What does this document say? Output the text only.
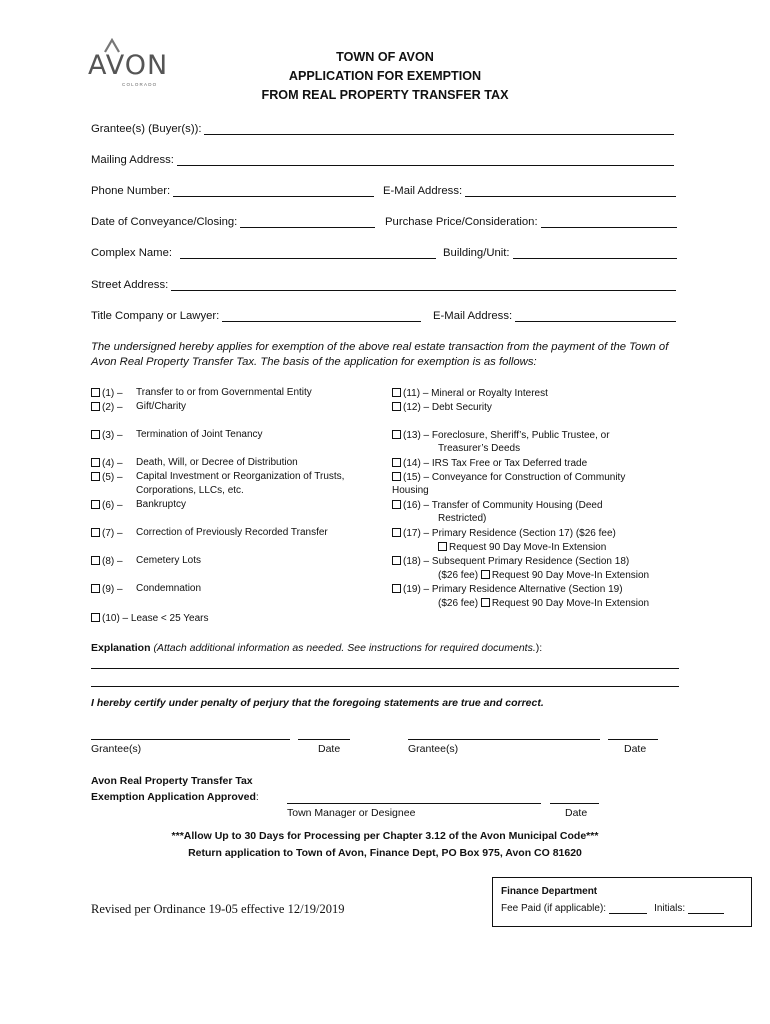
AVON
COLORADO
TOWN OF AVON
APPLICATION FOR EXEMPTION
FROM REAL PROPERTY TRANSFER TAX
Grantee(s) (Buyer(s)):
Mailing Address:
Phone Number:	E-Mail Address:
Date of Conveyance/Closing:	Purchase Price/Consideration:
Complex Name:	Building/Unit:
Street Address:
Title Company or Lawyer:	E-Mail Address:
The undersigned hereby applies for exemption of the above real estate transaction from the payment of the Town of Avon Real Property Transfer Tax. The basis of the application for exemption is as follows:
(1) – Transfer to or from Governmental Entity
(2) – Gift/Charity
(3) – Termination of Joint Tenancy
(4) – Death, Will, or Decree of Distribution
(5) – Capital Investment or Reorganization of Trusts,
Corporations, LLCs, etc.
(6) – Bankruptcy
(7) – Correction of Previously Recorded Transfer
(8) – Cemetery Lots
(9) – Condemnation
(10) – Lease < 25 Years
(11) – Mineral or Royalty Interest
(12) – Debt Security
(13) – Foreclosure, Sheriff’s, Public Trustee, or
Treasurer’s Deeds
(14) – IRS Tax Free or Tax Deferred trade
(15) – Conveyance for Construction of Community
Housing
(16) – Transfer of Community Housing (Deed
Restricted)
(17) – Primary Residence (Section 17) ($26 fee)
Request 90 Day Move-In Extension
(18) – Subsequent Primary Residence (Section 18)
($26 fee) Request 90 Day Move-In Extension
(19) – Primary Residence Alternative (Section 19)
($26 fee) Request 90 Day Move-In Extension
Explanation (Attach additional information as needed. See instructions for required documents.):
I hereby certify under penalty of perjury that the foregoing statements are true and correct.
Grantee(s)	Date	Grantee(s)	Date
Avon Real Property Transfer Tax
Exemption Application Approved:
Town Manager or Designee	Date
***Allow Up to 30 Days for Processing per Chapter 3.12 of the Avon Municipal Code***
Return application to Town of Avon, Finance Dept, PO Box 975, Avon CO 81620
Revised per Ordinance 19-05 effective 12/19/2019
Finance Department
Fee Paid (if applicable):	Initials:
